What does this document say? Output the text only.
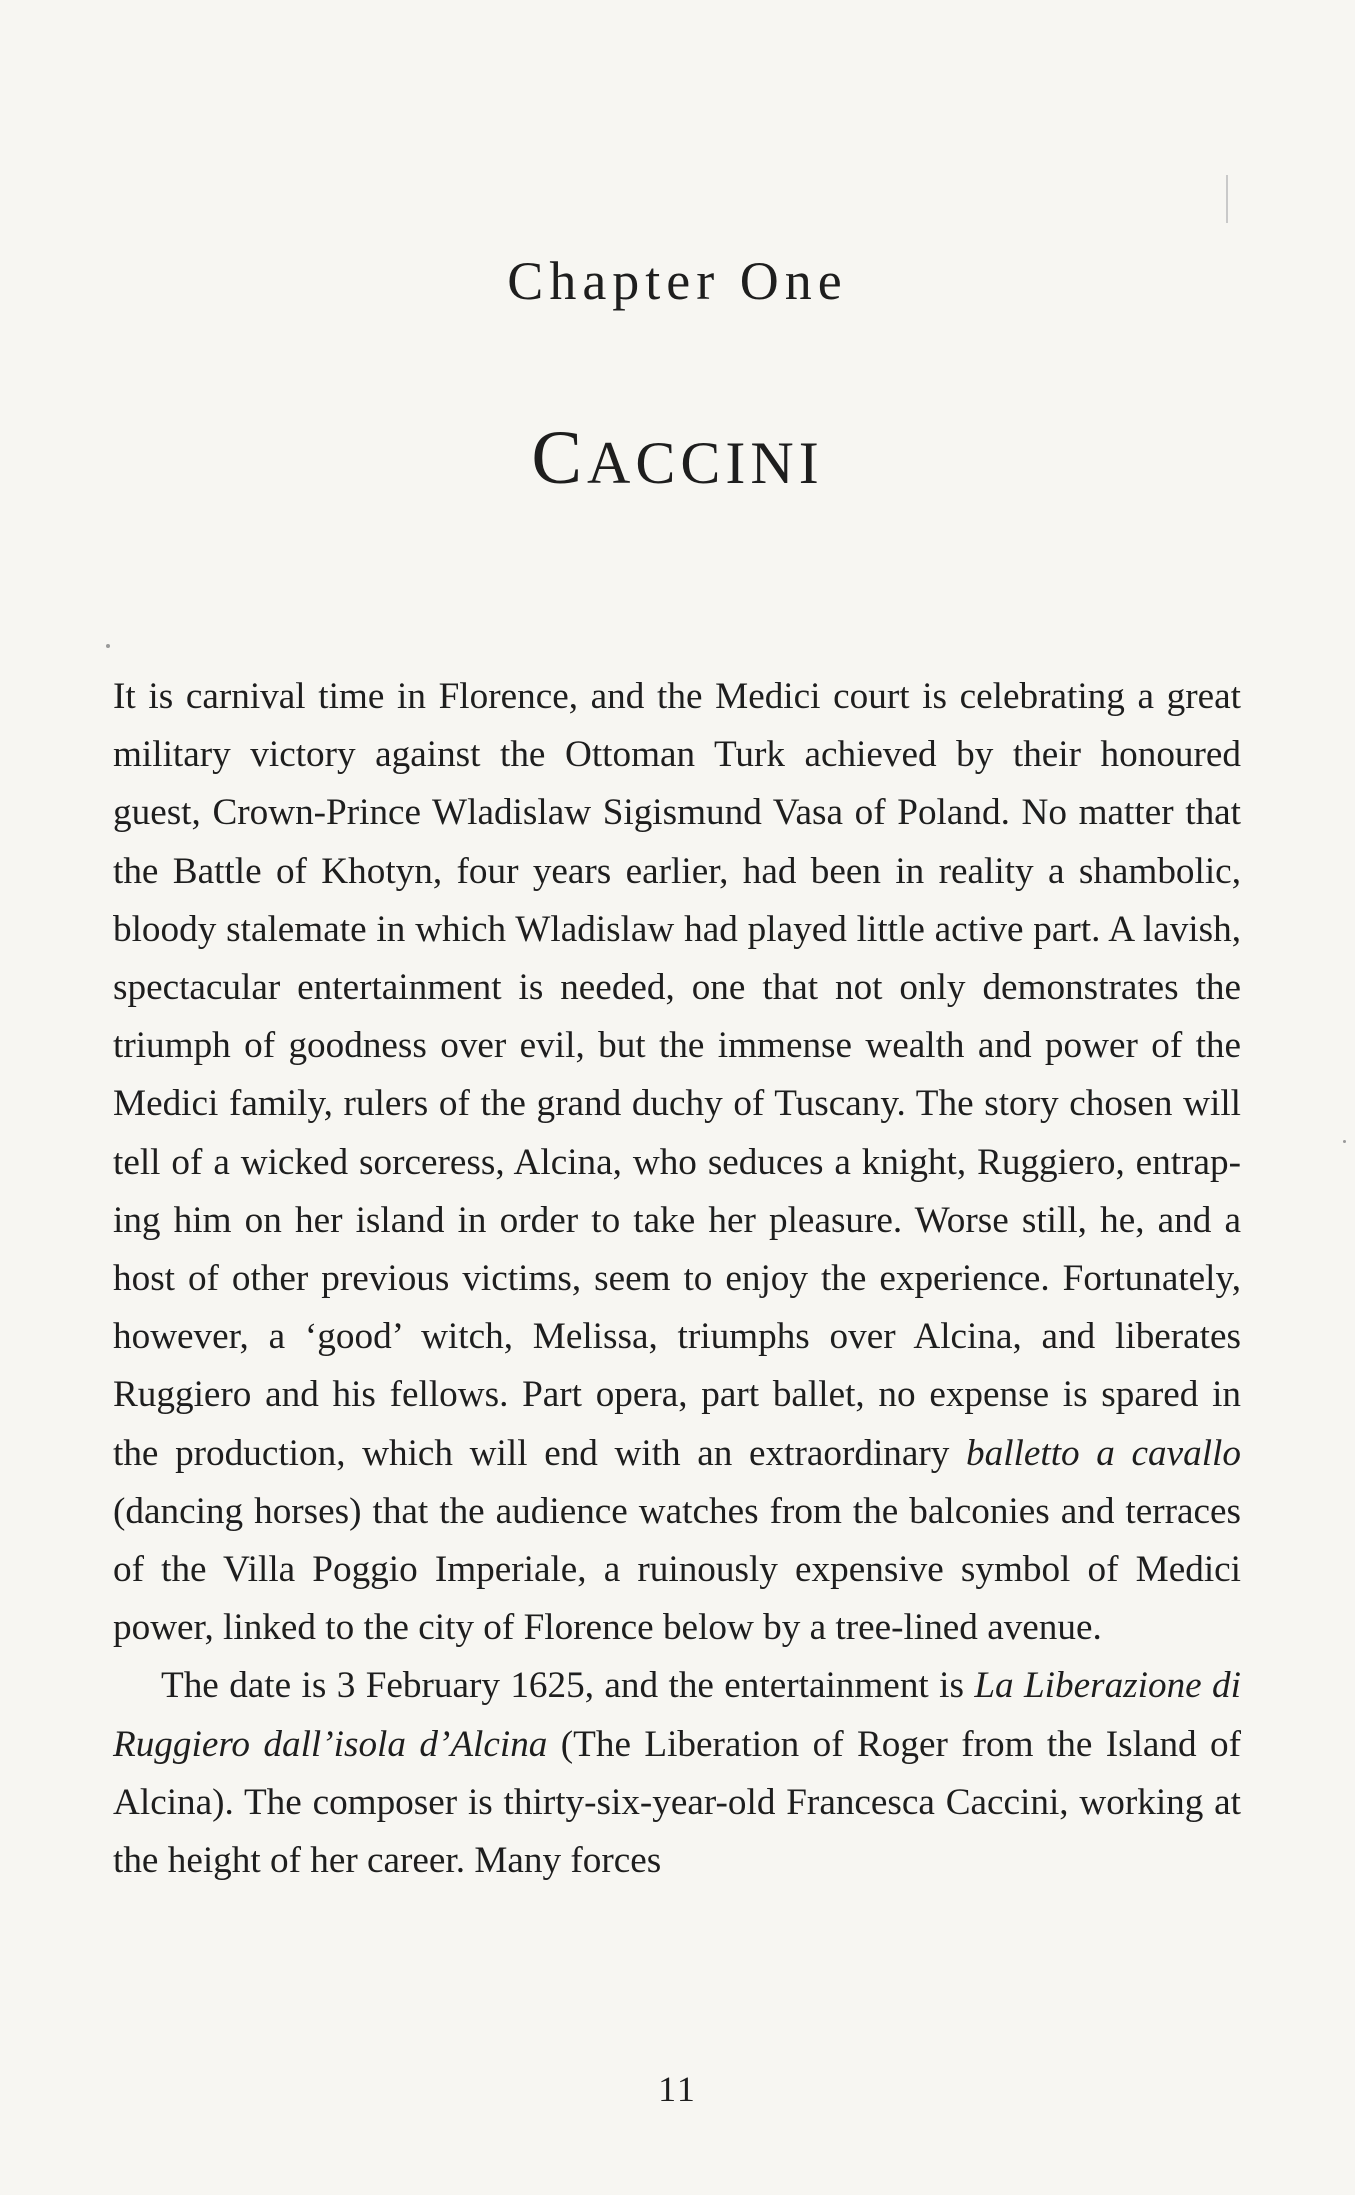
Chapter One
CACCINI

It is carnival time in Florence, and the Medici court is celebrating a great military victory against the Ottoman Turk achieved by their honoured guest, Crown-Prince Wladislaw Sigismund Vasa of Poland. No matter that the Battle of Khotyn, four years earlier, had been in reality a shambolic, bloody stalemate in which Wladislaw had played little active part. A lavish, spectacular entertainment is needed, one that not only demonstrates the triumph of goodness over evil, but the immense wealth and power of the Medici family, rulers of the grand duchy of Tuscany. The story chosen will tell of a wicked sorceress, Alcina, who seduces a knight, Ruggiero, entraping him on her island in order to take her pleasure. Worse still, he, and a host of other previous victims, seem to enjoy the experience. Fortunately, however, a ‘good’ witch, Melissa, triumphs over Alcina, and liberates Ruggiero and his fellows. Part opera, part ballet, no expense is spared in the production, which will end with an extraordinary balletto a cavallo (dancing horses) that the audience watches from the balconies and terraces of the Villa Poggio Imperiale, a ruinously expensive symbol of Medici power, linked to the city of Florence below by a tree-lined avenue.

The date is 3 February 1625, and the entertainment is La Liberazione di Ruggiero dall’isola d’Alcina (The Liberation of Roger from the Island of Alcina). The composer is thirty-six-year-old Francesca Caccini, working at the height of her career. Many forces

11
